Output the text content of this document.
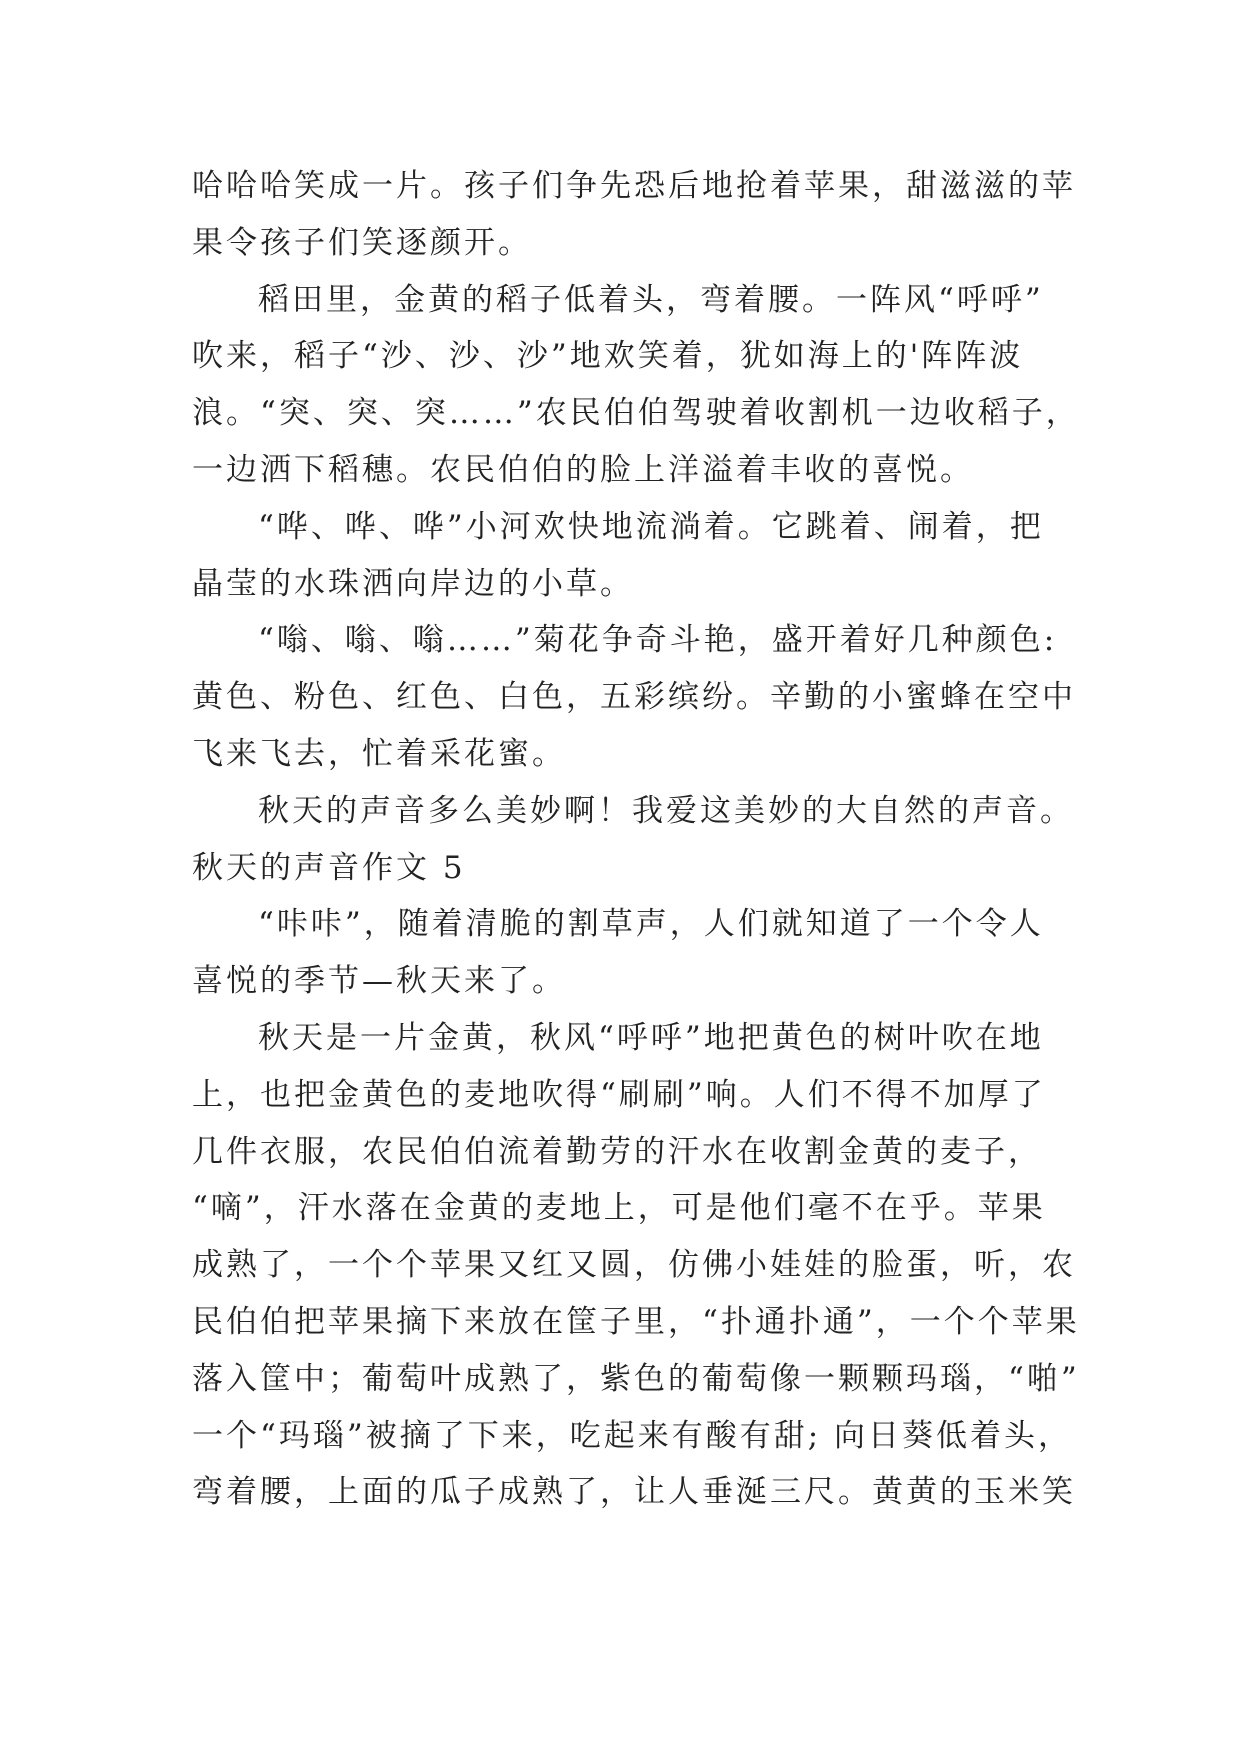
哈哈哈笑成一片。孩子们争先恐后地抢着苹果，甜滋滋的苹
果令孩子们笑逐颜开。
稻田里，金黄的稻子低着头，弯着腰。一阵风“呼呼”
吹来，稻子“沙、沙、沙”地欢笑着，犹如海上的'阵阵波
浪。“突、突、突……”农民伯伯驾驶着收割机一边收稻子，
一边洒下稻穗。农民伯伯的脸上洋溢着丰收的喜悦。
“哗、哗、哗”小河欢快地流淌着。它跳着、闹着，把
晶莹的水珠洒向岸边的小草。
“嗡、嗡、嗡……”菊花争奇斗艳，盛开着好几种颜色:
黄色、粉色、红色、白色，五彩缤纷。辛勤的小蜜蜂在空中
飞来飞去，忙着采花蜜。
秋天的声音多么美妙啊！我爱这美妙的大自然的声音。
秋天的声音作文 5
“咔咔”，随着清脆的割草声，人们就知道了一个令人
喜悦的季节—秋天来了。
秋天是一片金黄，秋风“呼呼”地把黄色的树叶吹在地
上，也把金黄色的麦地吹得“刷刷”响。人们不得不加厚了
几件衣服，农民伯伯流着勤劳的汗水在收割金黄的麦子，
“嘀”，汗水落在金黄的麦地上，可是他们毫不在乎。苹果
成熟了，一个个苹果又红又圆，仿佛小娃娃的脸蛋，听，农
民伯伯把苹果摘下来放在筐子里，“扑通扑通”，一个个苹果
落入筐中；葡萄叶成熟了，紫色的葡萄像一颗颗玛瑙，“啪”
一个“玛瑙”被摘了下来，吃起来有酸有甜; 向日葵低着头，
弯着腰，上面的瓜子成熟了，让人垂涎三尺。黄黄的玉米笑
